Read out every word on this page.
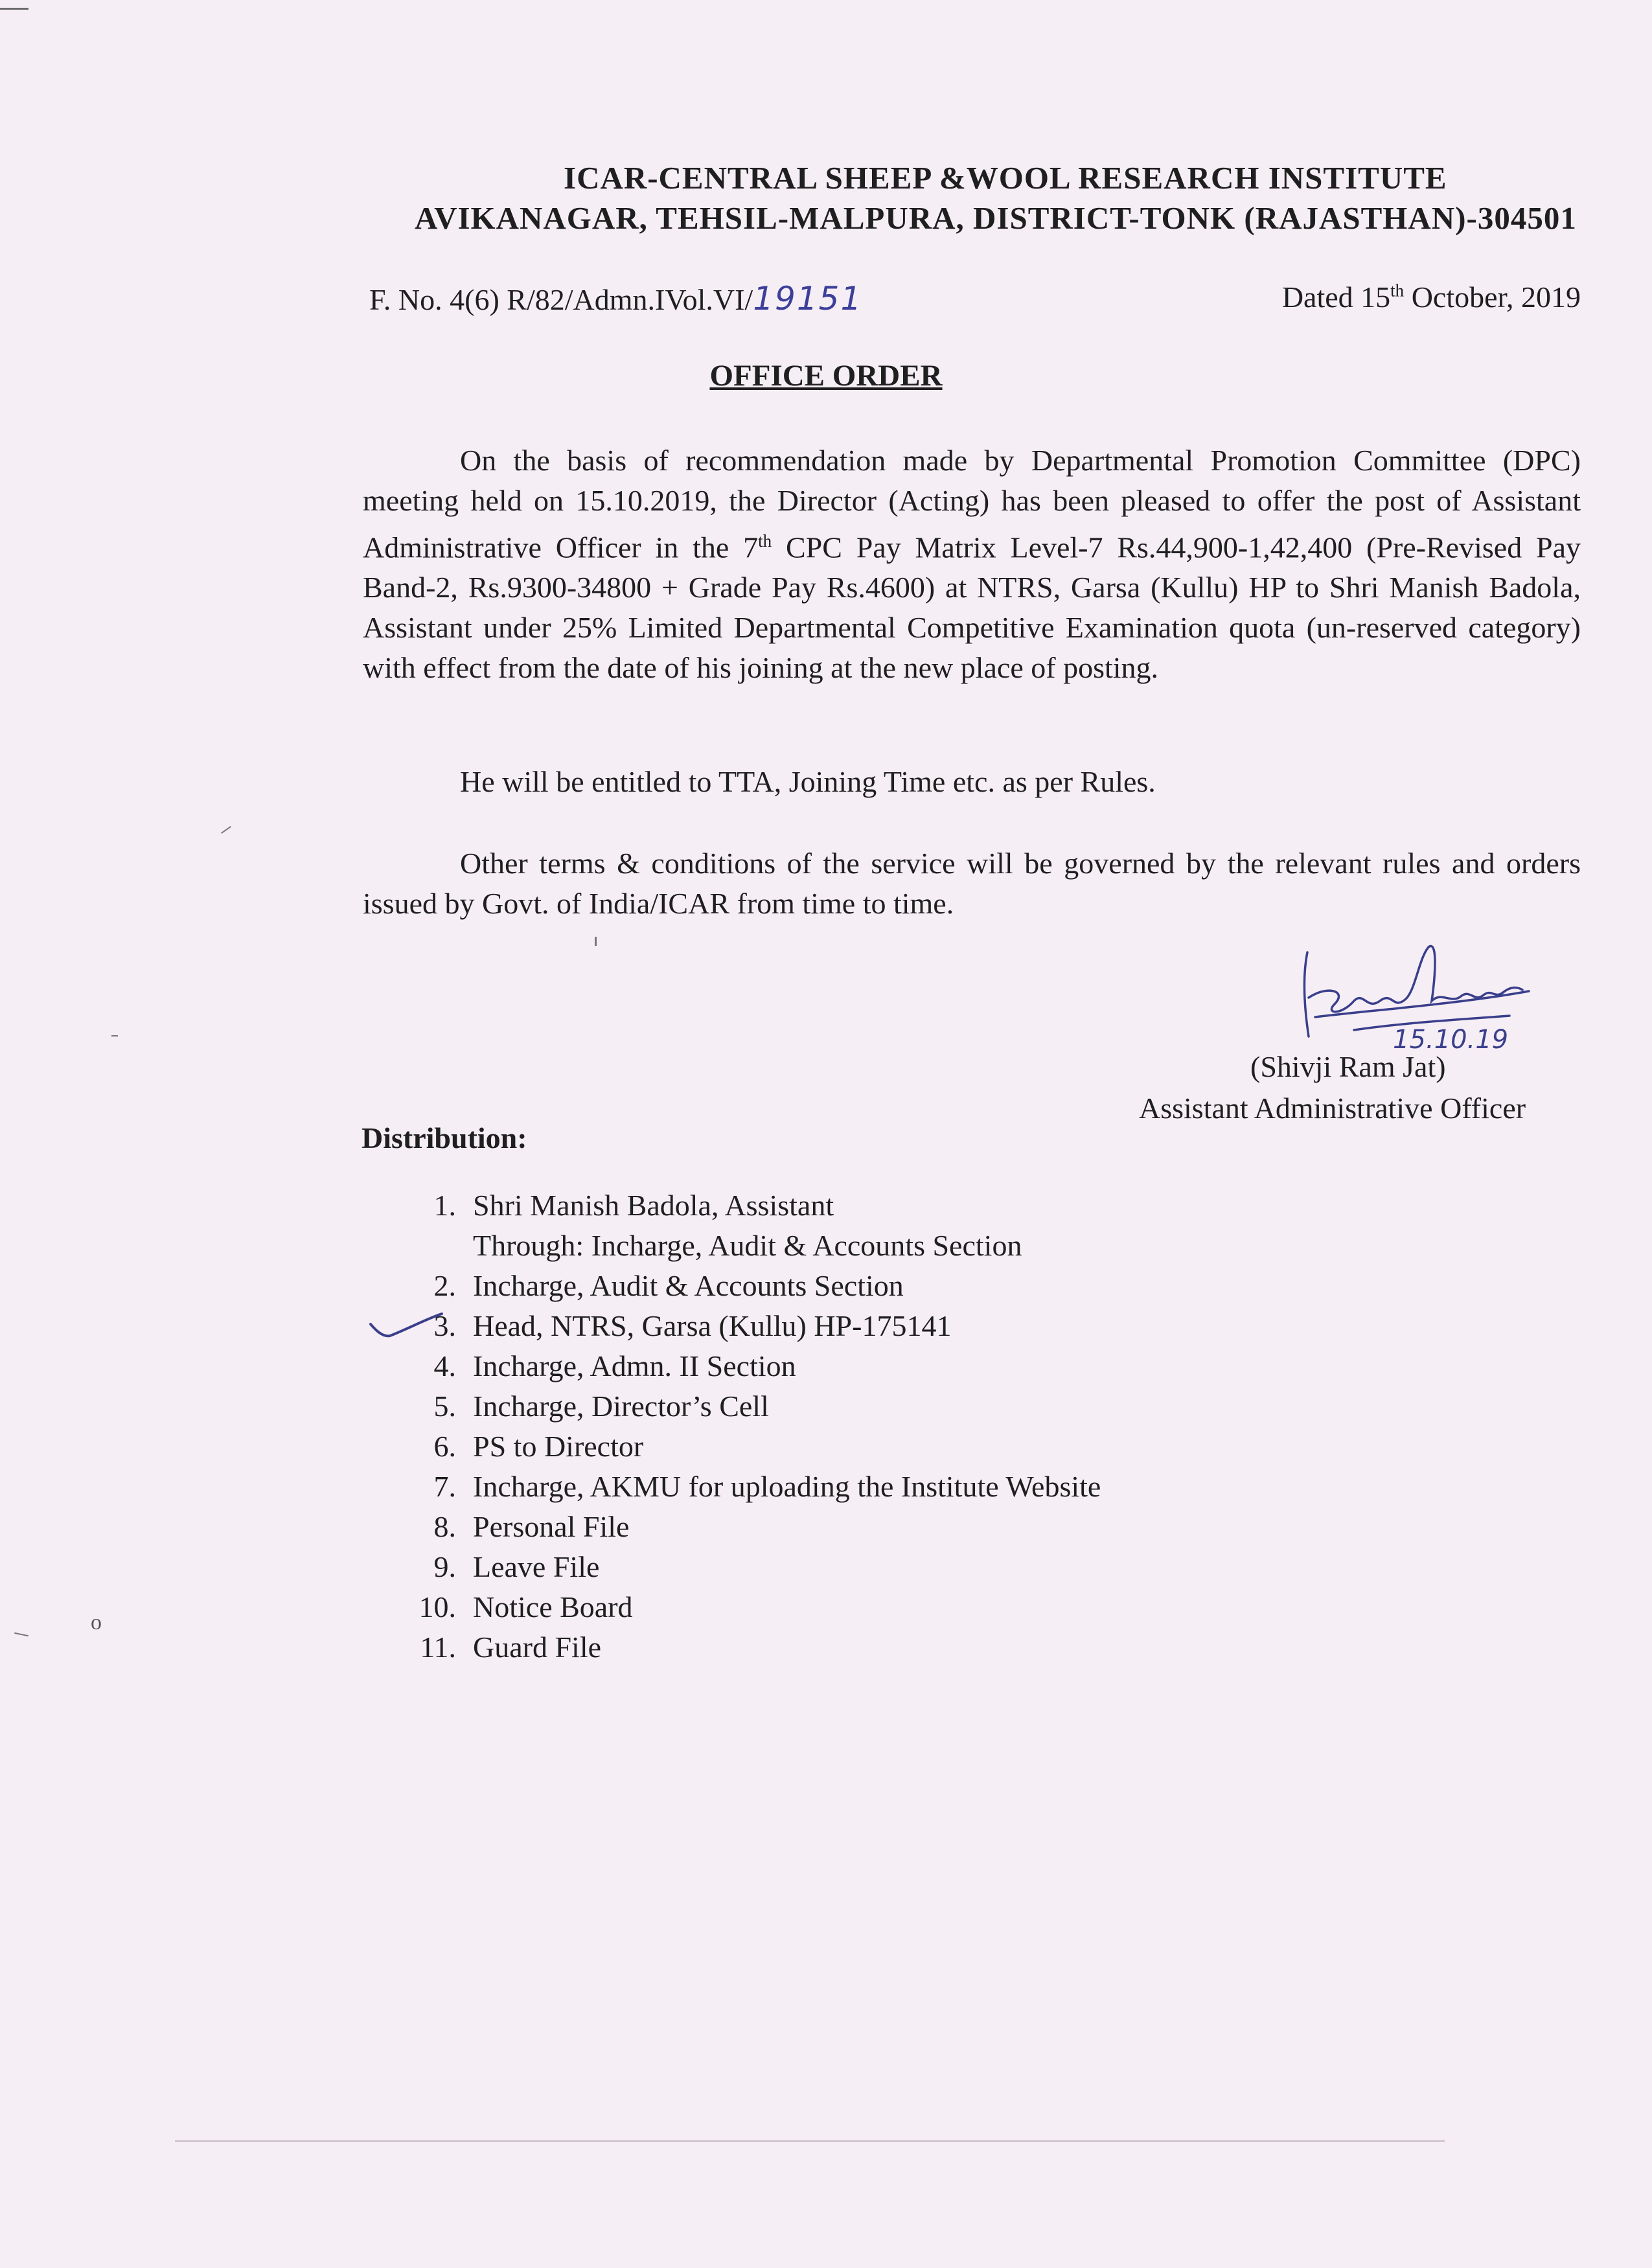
ICAR-CENTRAL SHEEP &WOOL RESEARCH INSTITUTE
AVIKANAGAR, TEHSIL-MALPURA, DISTRICT-TONK (RAJASTHAN)-304501
F. No. 4(6) R/82/Admn.IVol.VI/19151	Dated 15th October, 2019
OFFICE ORDER
On the basis of recommendation made by Departmental Promotion Committee (DPC) meeting held on 15.10.2019, the Director (Acting) has been pleased to offer the post of Assistant Administrative Officer in the 7th CPC Pay Matrix Level-7 Rs.44,900-1,42,400 (Pre-Revised Pay Band-2, Rs.9300-34800 + Grade Pay Rs.4600) at NTRS, Garsa (Kullu) HP to Shri Manish Badola, Assistant under 25% Limited Departmental Competitive Examination quota (un-reserved category) with effect from the date of his joining at the new place of posting.
He will be entitled to TTA, Joining Time etc. as per Rules.
Other terms & conditions of the service will be governed by the relevant rules and orders issued by Govt. of India/ICAR from time to time.
15.10.19
(Shivji Ram Jat)
Assistant Administrative Officer
Distribution:
1. Shri Manish Badola, Assistant
Through: Incharge, Audit & Accounts Section
2. Incharge, Audit & Accounts Section
3. Head, NTRS, Garsa (Kullu) HP-175141
4. Incharge, Admn. II Section
5. Incharge, Director’s Cell
6. PS to Director
7. Incharge, AKMU for uploading the Institute Website
8. Personal File
9. Leave File
10. Notice Board
11. Guard File
o
